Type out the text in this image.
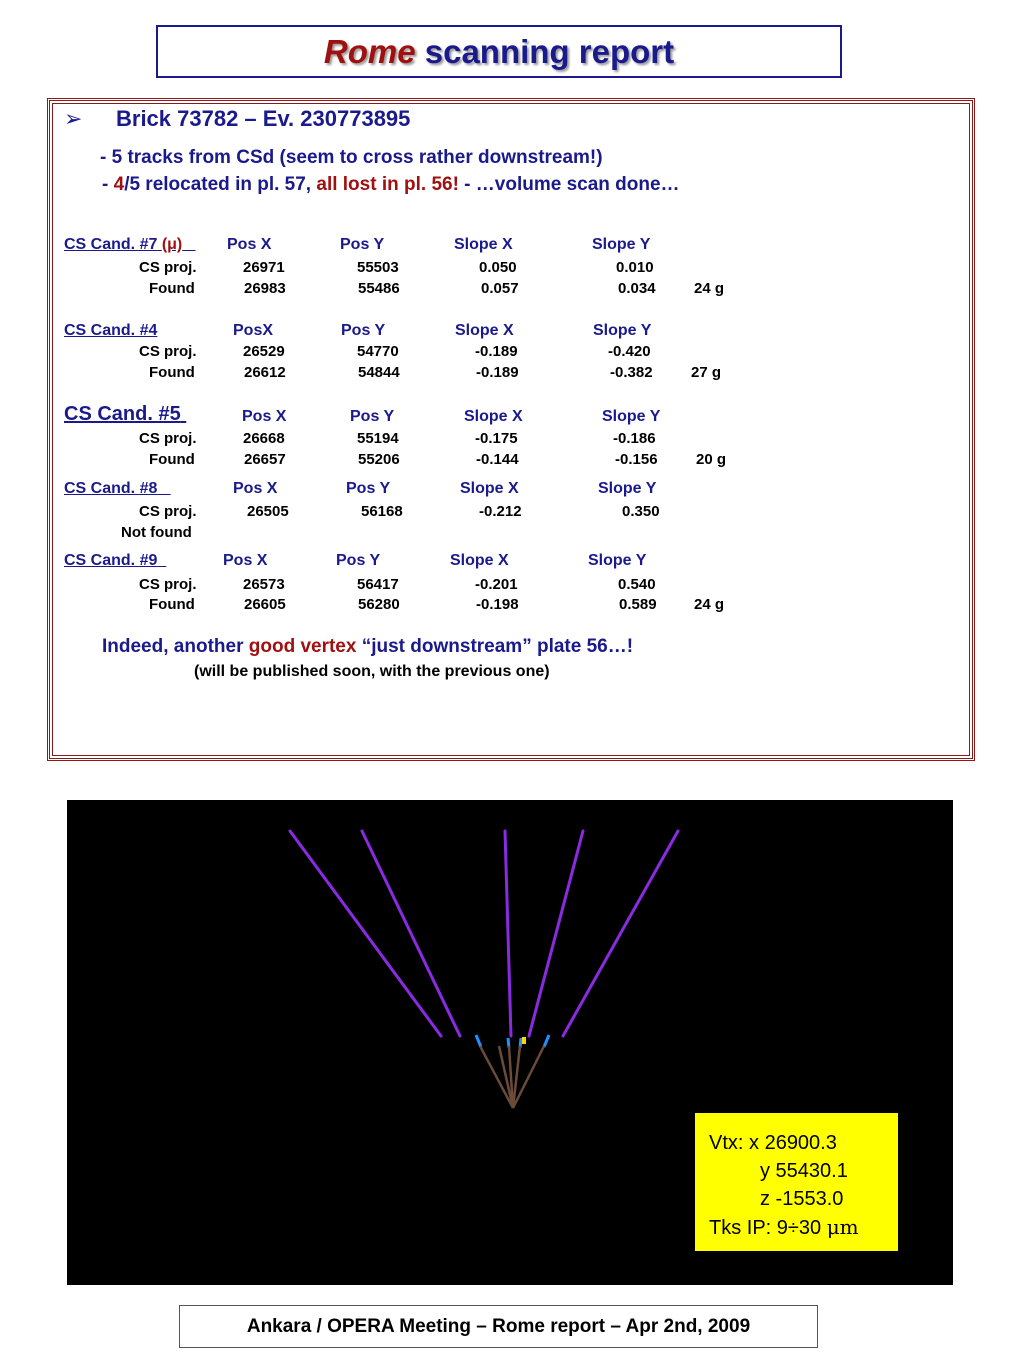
Rome scanning report
➢ Brick 73782 – Ev. 230773895
- 5 tracks from CSd (seem to cross rather downstream!)
- 4/5 relocated in pl. 57, all lost in pl. 56! - …volume scan done…
CS Cand. #7 (μ)	Pos X	Pos Y	Slope X	Slope Y
CS proj.	26971	55503	0.050	0.010
Found	26983	55486	0.057	0.034	24 g
CS Cand. #4	PosX	Pos Y	Slope X	Slope Y
CS proj.	26529	54770	-0.189	-0.420
Found	26612	54844	-0.189	-0.382	27 g
CS Cand. #5	Pos X	Pos Y	Slope X	Slope Y
CS proj.	26668	55194	-0.175	-0.186
Found	26657	55206	-0.144	-0.156	20 g
CS Cand. #8	Pos X	Pos Y	Slope X	Slope Y
CS proj.	26505	56168	-0.212	0.350
Not found
CS Cand. #9	Pos X	Pos Y	Slope X	Slope Y
CS proj.	26573	56417	-0.201	0.540
Found	26605	56280	-0.198	0.589 24 g
Indeed, another good vertex “just downstream” plate 56…!
(will be published soon, with the previous one)
Vtx: x 26900.3
y 55430.1
z -1553.0
Tks IP: 9÷30 μm
Ankara / OPERA Meeting – Rome report – Apr 2nd, 2009
